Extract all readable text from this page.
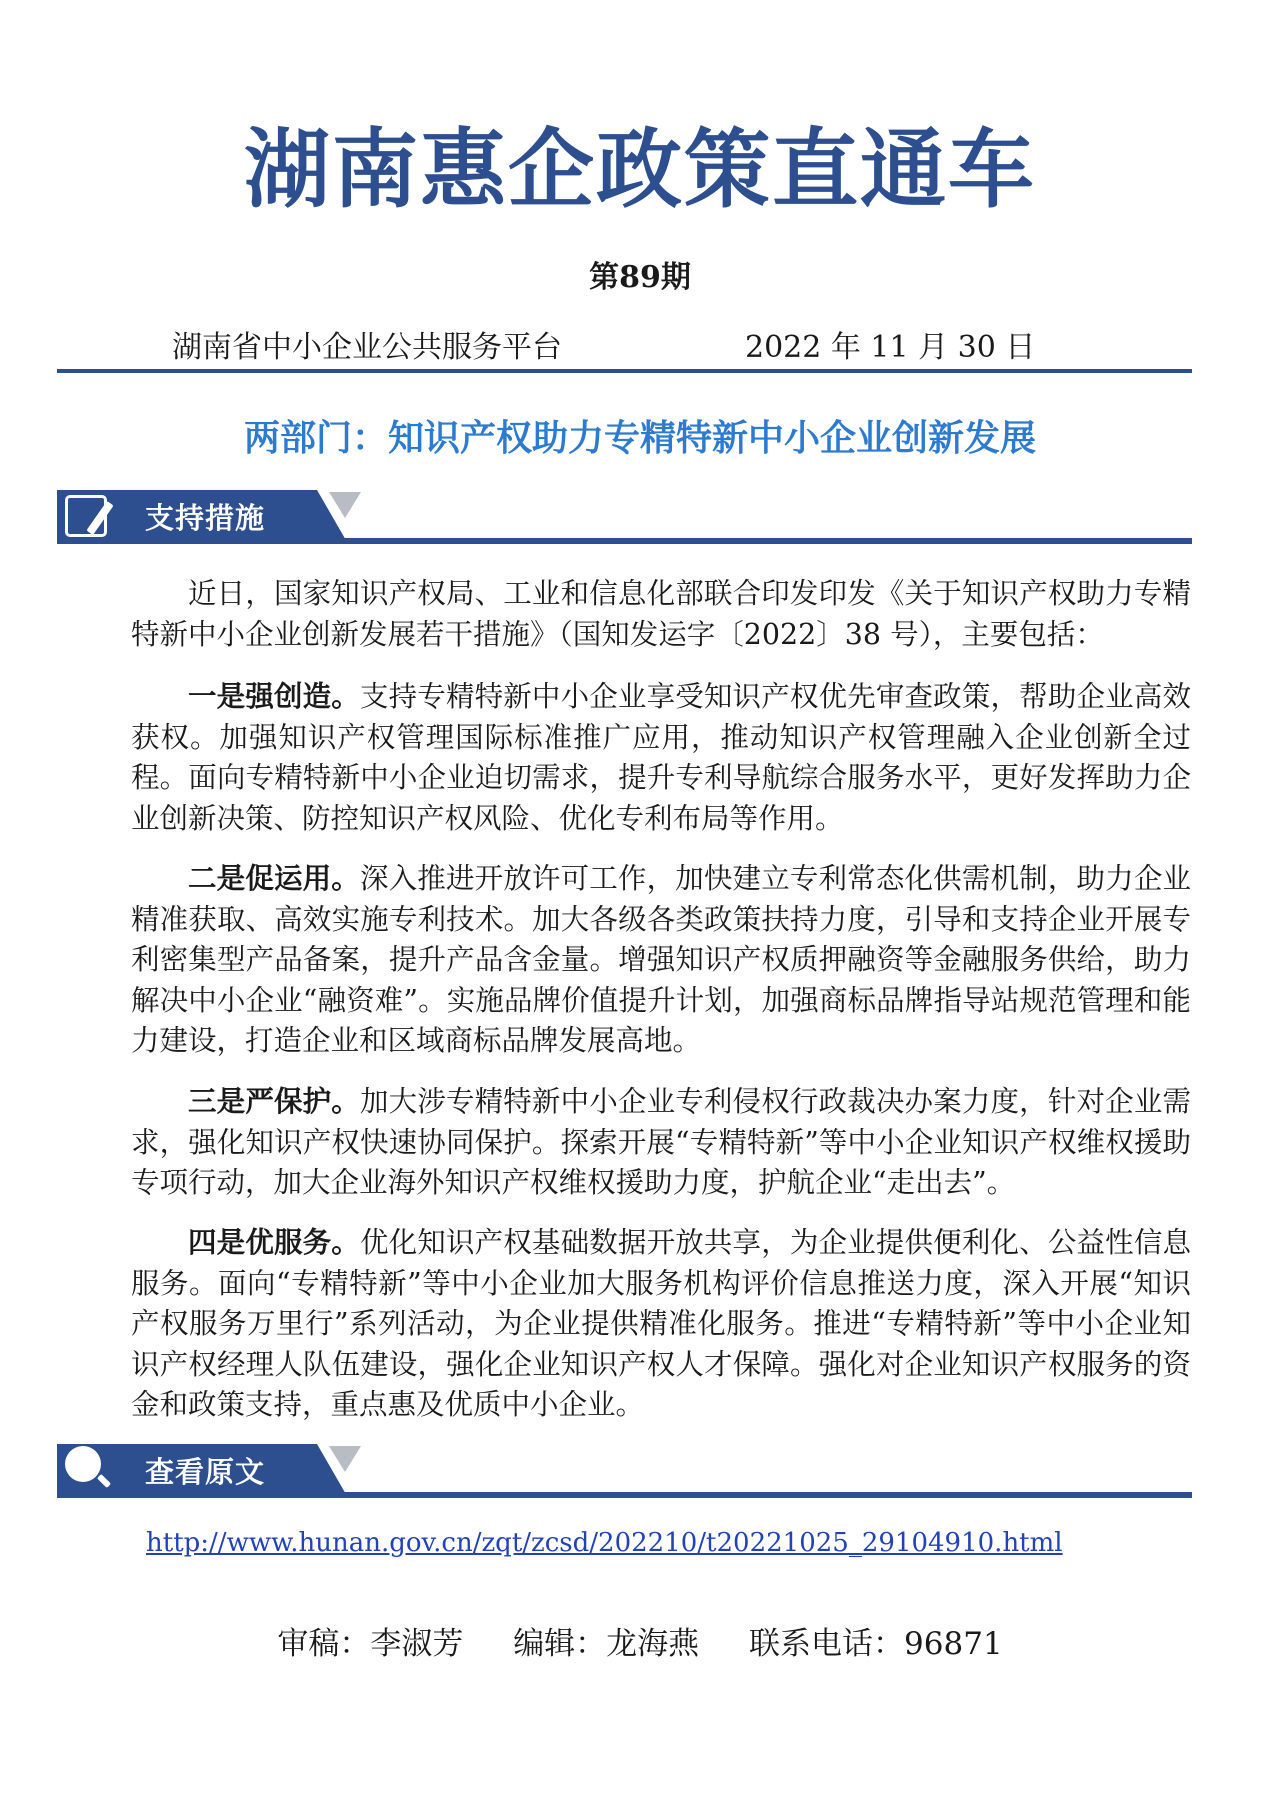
湖南惠企政策直通车
第89期
湖南省中小企业公共服务平台	2022 年 11 月 30 日
两部门：知识产权助力专精特新中小企业创新发展
支持措施

近日，国家知识产权局、工业和信息化部联合印发印发《关于知识产权助力专精特新中小企业创新发展若干措施》（国知发运字〔2022〕38 号），主要包括：

一是强创造。支持专精特新中小企业享受知识产权优先审查政策，帮助企业高效获权。加强知识产权管理国际标准推广应用，推动知识产权管理融入企业创新全过程。面向专精特新中小企业迫切需求，提升专利导航综合服务水平，更好发挥助力企业创新决策、防控知识产权风险、优化专利布局等作用。

二是促运用。深入推进开放许可工作，加快建立专利常态化供需机制，助力企业精准获取、高效实施专利技术。加大各级各类政策扶持力度，引导和支持企业开展专利密集型产品备案，提升产品含金量。增强知识产权质押融资等金融服务供给，助力解决中小企业“融资难”。实施品牌价值提升计划，加强商标品牌指导站规范管理和能力建设，打造企业和区域商标品牌发展高地。

三是严保护。加大涉专精特新中小企业专利侵权行政裁决办案力度，针对企业需求，强化知识产权快速协同保护。探索开展“专精特新”等中小企业知识产权维权援助专项行动，加大企业海外知识产权维权援助力度，护航企业“走出去”。

四是优服务。优化知识产权基础数据开放共享，为企业提供便利化、公益性信息服务。面向“专精特新”等中小企业加大服务机构评价信息推送力度，深入开展“知识产权服务万里行”系列活动，为企业提供精准化服务。推进“专精特新”等中小企业知识产权经理人队伍建设，强化企业知识产权人才保障。强化对企业知识产权服务的资金和政策支持，重点惠及优质中小企业。

查看原文
http://www.hunan.gov.cn/zqt/zcsd/202210/t20221025_29104910.html
审稿：李淑芳 编辑：龙海燕 联系电话：96871
